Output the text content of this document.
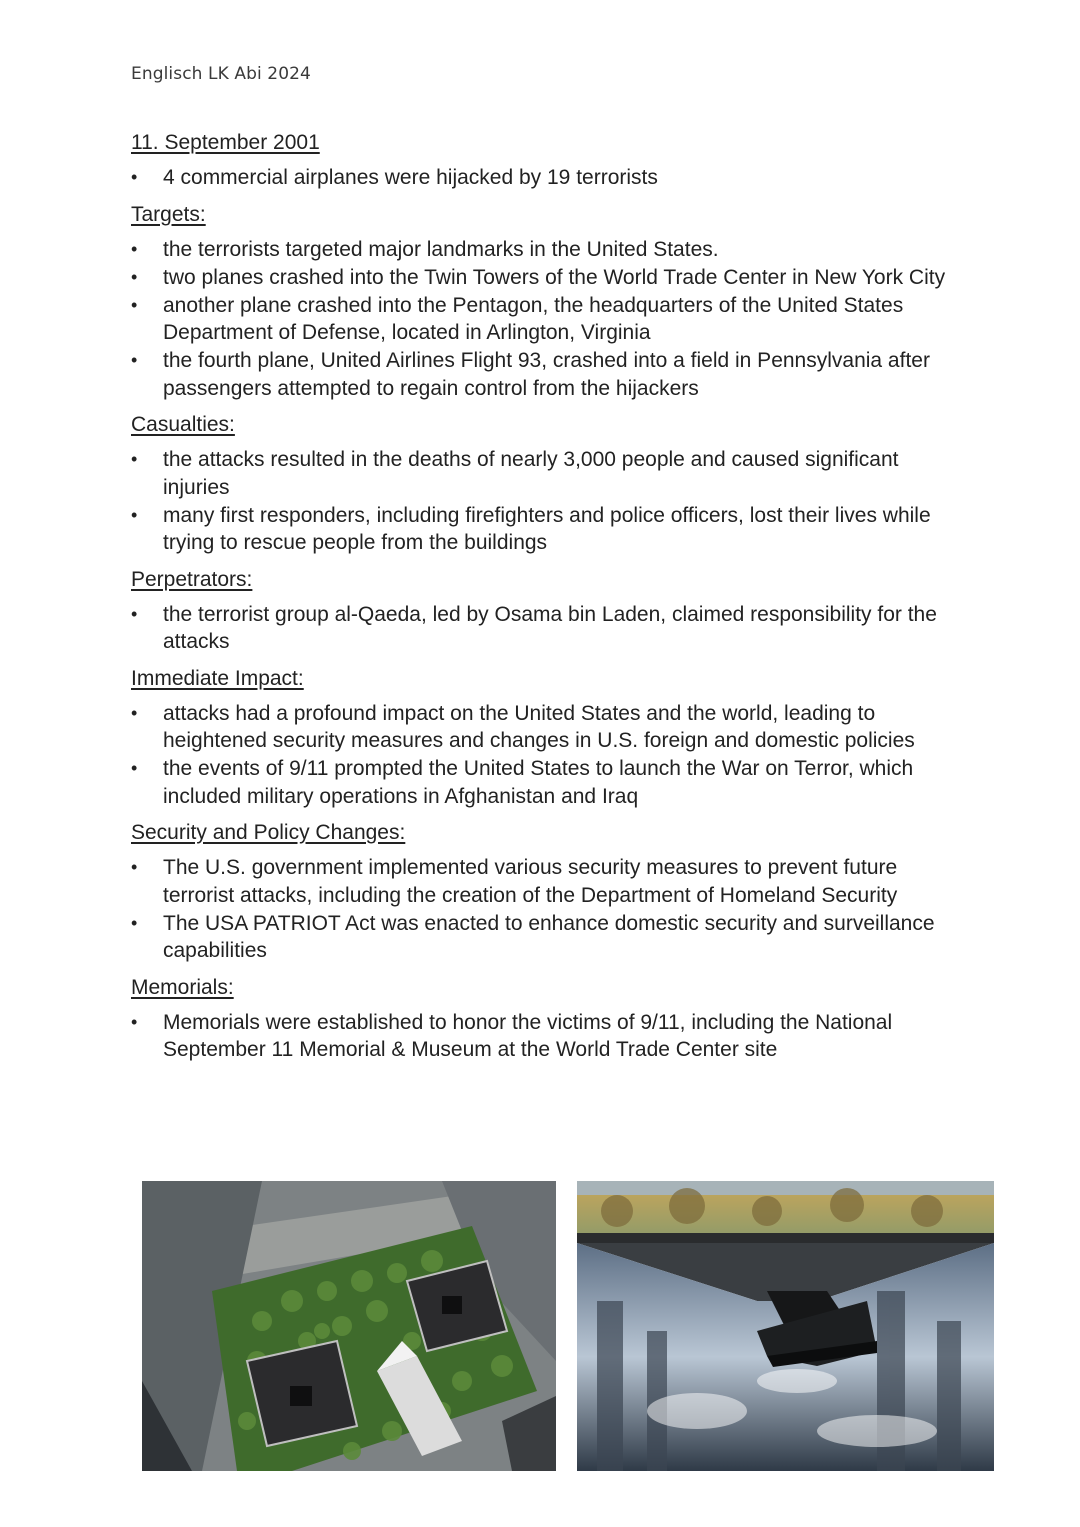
Englisch LK Abi 2024
11. September 2001
• 4 commercial airplanes were hijacked by 19 terrorists
Targets:
• the terrorists targeted major landmarks in the United States.
• two planes crashed into the Twin Towers of the World Trade Center in New York City
• another plane crashed into the Pentagon, the headquarters of the United States Department of Defense, located in Arlington, Virginia
• the fourth plane, United Airlines Flight 93, crashed into a field in Pennsylvania after passengers attempted to regain control from the hijackers
Casualties:
• the attacks resulted in the deaths of nearly 3,000 people and caused significant injuries
• many first responders, including firefighters and police officers, lost their lives while trying to rescue people from the buildings
Perpetrators:
• the terrorist group al-Qaeda, led by Osama bin Laden, claimed responsibility for the attacks
Immediate Impact:
• attacks had a profound impact on the United States and the world, leading to heightened security measures and changes in U.S. foreign and domestic policies
• the events of 9/11 prompted the United States to launch the War on Terror, which included military operations in Afghanistan and Iraq
Security and Policy Changes:
• The U.S. government implemented various security measures to prevent future terrorist attacks, including the creation of the Department of Homeland Security
• The USA PATRIOT Act was enacted to enhance domestic security and surveillance capabilities
Memorials:
• Memorials were established to honor the victims of 9/11, including the National September 11 Memorial & Museum at the World Trade Center site
